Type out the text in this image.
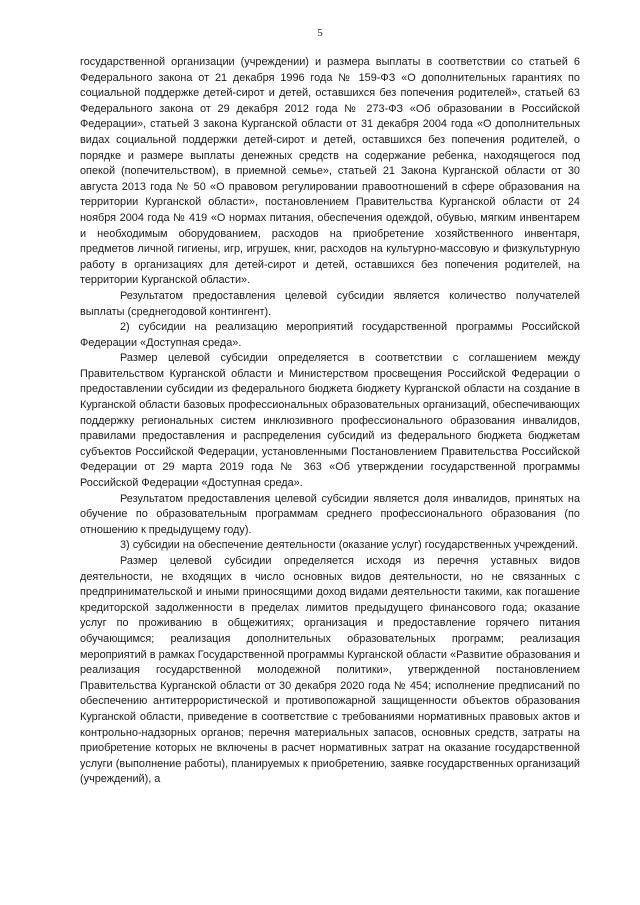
5

государственной организации (учреждении) и размера выплаты в соответствии со статьей 6 Федерального закона от 21 декабря 1996 года № 159-ФЗ «О дополнительных гарантиях по социальной поддержке детей-сирот и детей, оставшихся без попечения родителей», статьей 63 Федерального закона от 29 декабря 2012 года № 273-ФЗ «Об образовании в Российской Федерации», статьей 3 закона Курганской области от 31 декабря 2004 года «О дополнительных видах социальной поддержки детей-сирот и детей, оставшихся без попечения родителей, о порядке и размере выплаты денежных средств на содержание ребенка, находящегося под опекой (попечительством), в приемной семье», статьей 21 Закона Курганской области от 30 августа 2013 года № 50 «О правовом регулировании правоотношений в сфере образования на территории Курганской области», постановлением Правительства Курганской области от 24 ноября 2004 года № 419 «О нормах питания, обеспечения одеждой, обувью, мягким инвентарем и необходимым оборудованием, расходов на приобретение хозяйственного инвентаря, предметов личной гигиены, игр, игрушек, книг, расходов на культурно-массовую и физкультурную работу в организациях для детей-сирот и детей, оставшихся без попечения родителей, на территории Курганской области».

Результатом предоставления целевой субсидии является количество получателей выплаты (среднегодовой контингент).

2) субсидии на реализацию мероприятий государственной программы Российской Федерации «Доступная среда».

Размер целевой субсидии определяется в соответствии с соглашением между Правительством Курганской области и Министерством просвещения Российской Федерации о предоставлении субсидии из федерального бюджета бюджету Курганской области на создание в Курганской области базовых профессиональных образовательных организаций, обеспечивающих поддержку региональных систем инклюзивного профессионального образования инвалидов, правилами предоставления и распределения субсидий из федерального бюджета бюджетам субъектов Российской Федерации, установленными Постановлением Правительства Российской Федерации от 29 марта 2019 года № 363 «Об утверждении государственной программы Российской Федерации «Доступная среда».

Результатом предоставления целевой субсидии является доля инвалидов, принятых на обучение по образовательным программам среднего профессионального образования (по отношению к предыдущему году).

3) субсидии на обеспечение деятельности (оказание услуг) государственных учреждений.

Размер целевой субсидии определяется исходя из перечня уставных видов деятельности, не входящих в число основных видов деятельности, но не связанных с предпринимательской и иными приносящими доход видами деятельности такими, как погашение кредиторской задолженности в пределах лимитов предыдущего финансового года; оказание услуг по проживанию в общежитиях; организация и предоставление горячего питания обучающимся; реализация дополнительных образовательных программ; реализация мероприятий в рамках Государственной программы Курганской области «Развитие образования и реализация государственной молодежной политики», утвержденной постановлением Правительства Курганской области от 30 декабря 2020 года № 454; исполнение предписаний по обеспечению антитеррористической и противопожарной защищенности объектов образования Курганской области, приведение в соответствие с требованиями нормативных правовых актов и контрольно-надзорных органов; перечня материальных запасов, основных средств, затраты на приобретение которых не включены в расчет нормативных затрат на оказание государственной услуги (выполнение работы), планируемых к приобретению, заявке государственных организаций (учреждений), а
